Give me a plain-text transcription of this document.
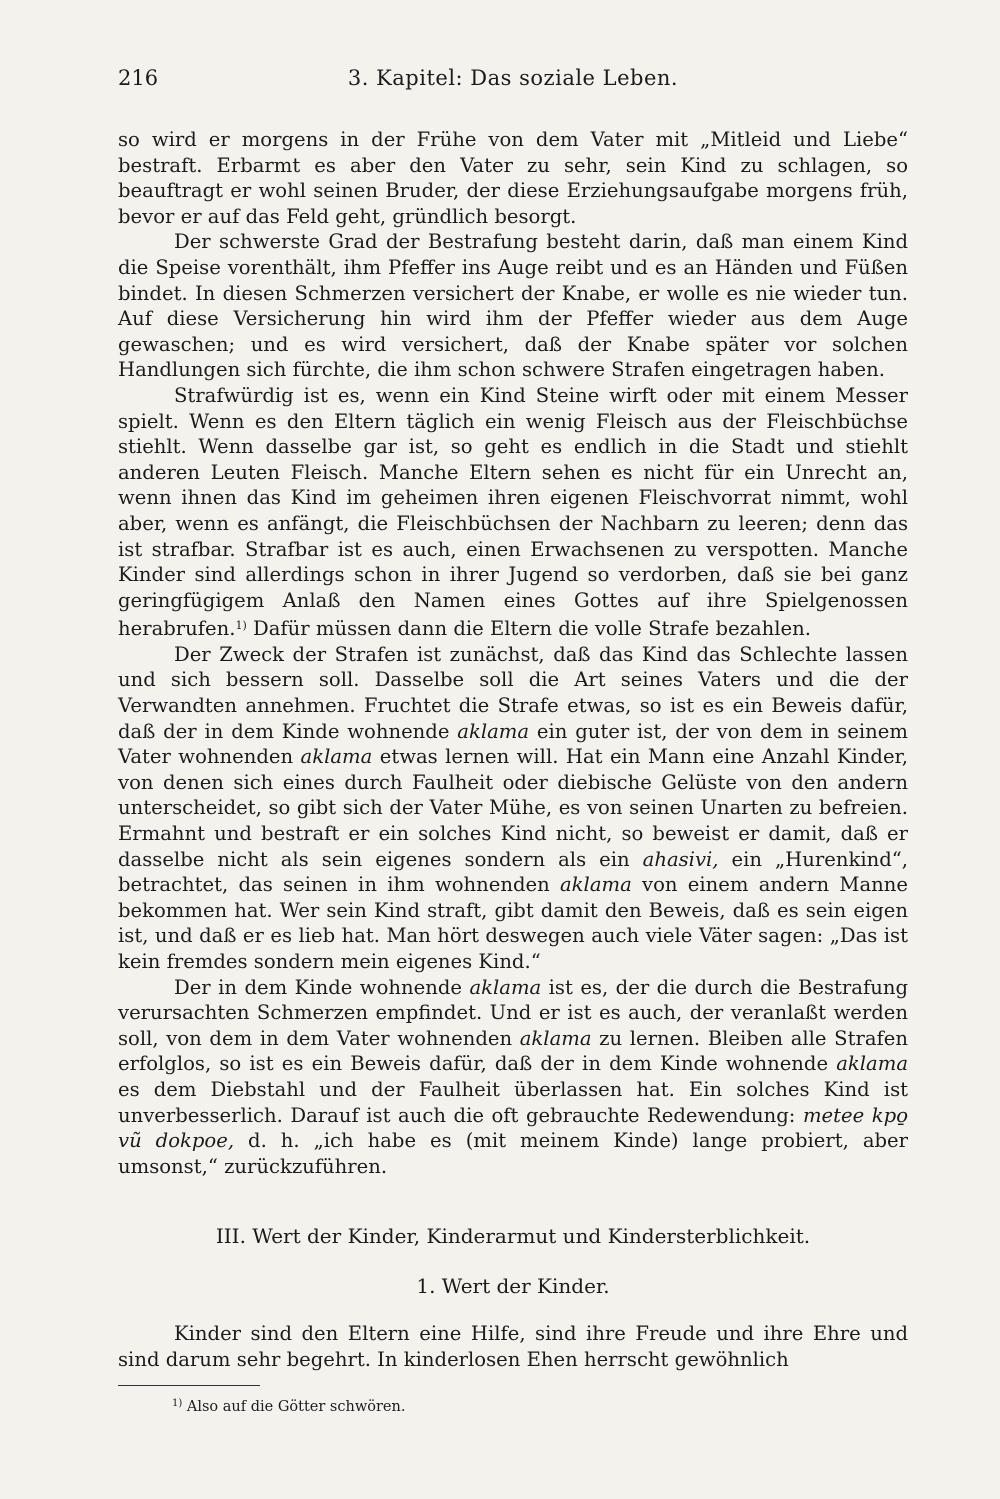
216	3. Kapitel: Das soziale Leben.

so wird er morgens in der Frühe von dem Vater mit „Mitleid und Liebe“ bestraft. Erbarmt es aber den Vater zu sehr, sein Kind zu schlagen, so beauftragt er wohl seinen Bruder, der diese Erziehungsaufgabe morgens früh, bevor er auf das Feld geht, gründlich besorgt.

Der schwerste Grad der Bestrafung besteht darin, daß man einem Kind die Speise vorenthält, ihm Pfeffer ins Auge reibt und es an Händen und Füßen bindet. In diesen Schmerzen versichert der Knabe, er wolle es nie wieder tun. Auf diese Versicherung hin wird ihm der Pfeffer wieder aus dem Auge gewaschen; und es wird versichert, daß der Knabe später vor solchen Handlungen sich fürchte, die ihm schon schwere Strafen eingetragen haben.

Strafwürdig ist es, wenn ein Kind Steine wirft oder mit einem Messer spielt. Wenn es den Eltern täglich ein wenig Fleisch aus der Fleischbüchse stiehlt. Wenn dasselbe gar ist, so geht es endlich in die Stadt und stiehlt anderen Leuten Fleisch. Manche Eltern sehen es nicht für ein Unrecht an, wenn ihnen das Kind im geheimen ihren eigenen Fleischvorrat nimmt, wohl aber, wenn es anfängt, die Fleischbüchsen der Nachbarn zu leeren; denn das ist strafbar. Strafbar ist es auch, einen Erwachsenen zu verspotten. Manche Kinder sind allerdings schon in ihrer Jugend so verdorben, daß sie bei ganz geringfügigem Anlaß den Namen eines Gottes auf ihre Spielgenossen herabrufen.$^{1)}$ Dafür müssen dann die Eltern die volle Strafe bezahlen.

Der Zweck der Strafen ist zunächst, daß das Kind das Schlechte lassen und sich bessern soll. Dasselbe soll die Art seines Vaters und die der Verwandten annehmen. Fruchtet die Strafe etwas, so ist es ein Beweis dafür, daß der in dem Kinde wohnende aklama ein guter ist, der von dem in seinem Vater wohnenden aklama etwas lernen will. Hat ein Mann eine Anzahl Kinder, von denen sich eines durch Faulheit oder diebische Gelüste von den andern unterscheidet, so gibt sich der Vater Mühe, es von seinen Unarten zu befreien. Ermahnt und bestraft er ein solches Kind nicht, so beweist er damit, daß er dasselbe nicht als sein eigenes sondern als ein ahasivi, ein „Hurenkind“, betrachtet, das seinen in ihm wohnenden aklama von einem andern Manne bekommen hat. Wer sein Kind straft, gibt damit den Beweis, daß es sein eigen ist, und daß er es lieb hat. Man hört deswegen auch viele Väter sagen: „Das ist kein fremdes sondern mein eigenes Kind.“

Der in dem Kinde wohnende aklama ist es, der die durch die Bestrafung verursachten Schmerzen empfindet. Und er ist es auch, der veranlaßt werden soll, von dem in dem Vater wohnenden aklama zu lernen. Bleiben alle Strafen erfolglos, so ist es ein Beweis dafür, daß der in dem Kinde wohnende aklama es dem Diebstahl und der Faulheit überlassen hat. Ein solches Kind ist unverbesserlich. Darauf ist auch die oft gebrauchte Redewendung: metee kpo̱ vũ dokpoe, d. h. „ich habe es (mit meinem Kinde) lange probiert, aber umsonst,“ zurückzuführen.

III. Wert der Kinder, Kinderarmut und Kindersterblichkeit.
1. Wert der Kinder.

Kinder sind den Eltern eine Hilfe, sind ihre Freude und ihre Ehre und sind darum sehr begehrt. In kinderlosen Ehen herrscht gewöhnlich

$^{1)}$ Also auf die Götter schwören.
